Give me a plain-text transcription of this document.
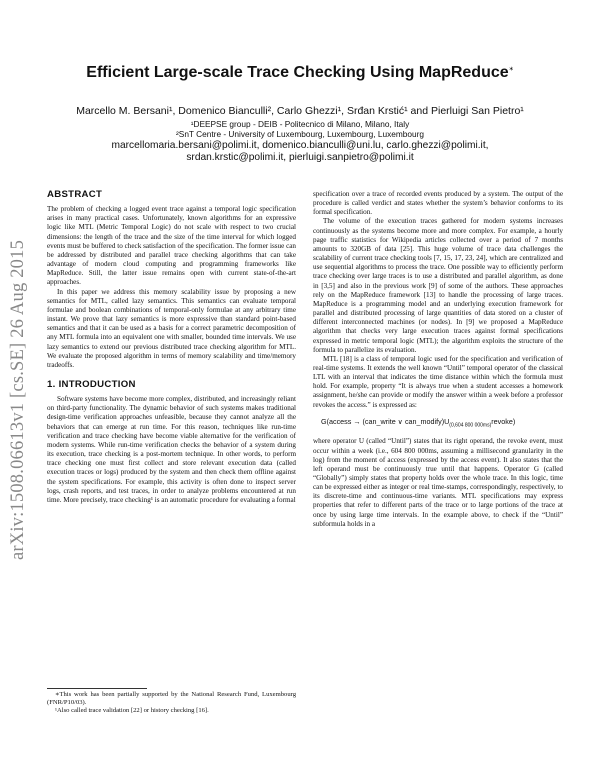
arXiv:1508.06613v1 [cs.SE] 26 Aug 2015
Efficient Large-scale Trace Checking Using MapReduce∗
Marcello M. Bersani¹, Domenico Bianculli², Carlo Ghezzi¹, Srđan Krstić¹ and Pierluigi San Pietro¹
¹DEEPSE group - DEIB - Politecnico di Milano, Milano, Italy
²SnT Centre - University of Luxembourg, Luxembourg, Luxembourg
marcellomaria.bersani@polimi.it, domenico.bianculli@uni.lu, carlo.ghezzi@polimi.it,
srdan.krstic@polimi.it, pierluigi.sanpietro@polimi.it
ABSTRACT

The problem of checking a logged event trace against a temporal logic specification arises in many practical cases. Unfortunately, known algorithms for an expressive logic like MTL (Metric Temporal Logic) do not scale with respect to two crucial dimensions: the length of the trace and the size of the time interval for which logged events must be buffered to check satisfaction of the specification. The former issue can be addressed by distributed and parallel trace checking algorithms that can take advantage of modern cloud computing and programming frameworks like MapReduce. Still, the latter issue remains open with current state-of-the-art approaches.

In this paper we address this memory scalability issue by proposing a new semantics for MTL, called lazy semantics. This semantics can evaluate temporal formulae and boolean combinations of temporal-only formulae at any arbitrary time instant. We prove that lazy semantics is more expressive than standard point-based semantics and that it can be used as a basis for a correct parametric decomposition of any MTL formula into an equivalent one with smaller, bounded time intervals. We use lazy semantics to extend our previous distributed trace checking algorithm for MTL. We evaluate the proposed algorithm in terms of memory scalability and time/memory tradeoffs.

1. INTRODUCTION

Software systems have become more complex, distributed, and increasingly reliant on third-party functionality. The dynamic behavior of such systems makes traditional design-time verification approaches unfeasible, because they cannot analyze all the behaviors that can emerge at run time. For this reason, techniques like run-time verification and trace checking have become viable alternative for the verification of modern systems. While run-time verification checks the behavior of a system during its execution, trace checking is a post-mortem technique. In other words, to perform trace checking one must first collect and store relevant execution data (called execution traces or logs) produced by the system and then check them offline against the system specifications. For example, this activity is often done to inspect server logs, crash reports, and test traces, in order to analyze problems encountered at run time. More precisely, trace checking¹ is an automatic procedure for evaluating a formal

∗This work has been partially supported by the National Research Fund, Luxembourg (FNR/P10/03).

¹Also called trace validation [22] or history checking [16].

specification over a trace of recorded events produced by a system. The output of the procedure is called verdict and states whether the system’s behavior conforms to its formal specification.

The volume of the execution traces gathered for modern systems increases continuously as the systems become more and more complex. For example, a hourly page traffic statistics for Wikipedia articles collected over a period of 7 months amounts to 320GB of data [25]. This huge volume of trace data challenges the scalability of current trace checking tools [7, 15, 17, 23, 24], which are centralized and use sequential algorithms to process the trace. One possible way to efficiently perform trace checking over large traces is to use a distributed and parallel algorithm, as done in [3,5] and also in the previous work [9] of some of the authors. These approaches rely on the MapReduce framework [13] to handle the processing of large traces. MapReduce is a programming model and an underlying execution framework for parallel and distributed processing of large quantities of data stored on a cluster of different interconnected machines (or nodes). In [9] we proposed a MapReduce algorithm that checks very large execution traces against formal specifications expressed in metric temporal logic (MTL); the algorithm exploits the structure of the formula to parallelize its evaluation.

MTL [18] is a class of temporal logic used for the specification and verification of real-time systems. It extends the well known “Until” temporal operator of the classical LTL with an interval that indicates the time distance within which the formula must hold. For example, property “It is always true when a student accesses a homework assignment, he/she can provide or modify the answer within a week before a professor revokes the access.” is expressed as:

G(access → (can_write ∨ $can\_modify)U_{(0,604 800 000ms)}revoke$)

where operator U (called “Until”) states that its right operand, the revoke event, must occur within a week (i.e., 604 800 000ms, assuming a millisecond granularity in the log) from the moment of access (expressed by the access event). It also states that the left operand must be continuously true until that happens. Operator G (called “Globally”) simply states that property holds over the whole trace. In this logic, time can be expressed either as integer or real time-stamps, correspondingly, respectively, to its discrete-time and continuous-time variants. MTL specifications may express properties that refer to different parts of the trace or to large portions of the trace at once by using large time intervals. In the example above, to check if the “Until” subformula holds in a
